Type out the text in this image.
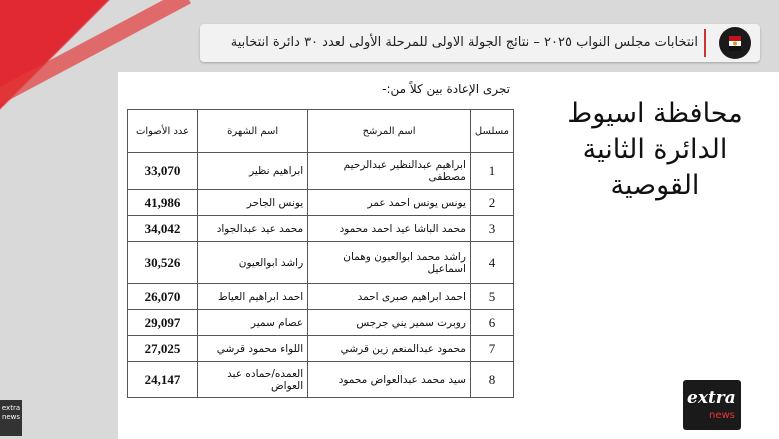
انتخابات مجلس النواب ٢٠٢٥ – نتائج الجولة الاولى للمرحلة الأولى لعدد ٣٠ دائرة انتخابية
تجرى الإعادة بين كلاً من:-
محافظة اسيوط
الدائرة الثانية
القوصية
مسلسل	اسم المرشح	اسم الشهرة	عدد الأصوات
1	ابراهيم عبدالنظير عبدالرحيم مصطفى	ابراهيم نظير	33,070
2	يونس يونس احمد عمر	يونس الجاحر	41,986
3	محمد الباشا عيد احمد محمود	محمد عيد عبدالجواد	34,042
4	راشد محمد ابوالعيون وهمان اسماعيل	راشد ابوالعيون	30,526
5	احمد ابراهيم صبرى احمد	احمد ابراهيم العياط	26,070
6	روبرت سمير يني جرجس	عصام سمير	29,097
7	محمود عبدالمنعم زين قرشي	اللواء محمود قرشي	27,025
8	سيد محمد عبدالعواض محمود	العمده/حماده عبد العواض	24,147
extra
news
extra news
